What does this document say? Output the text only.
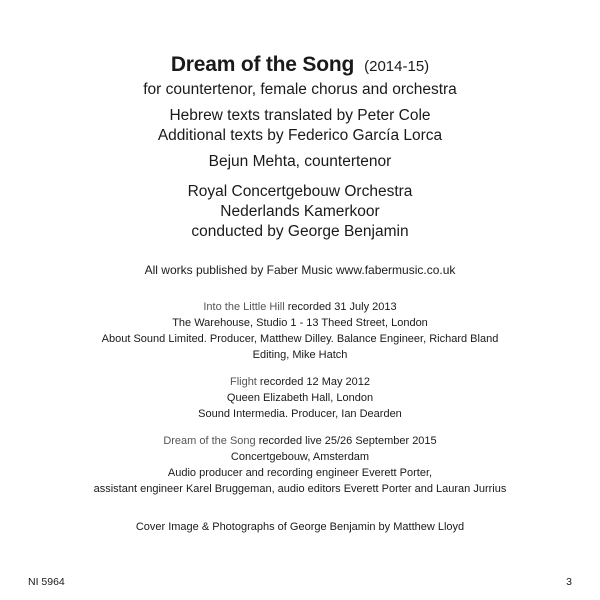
Dream of the Song (2014-15)
for countertenor, female chorus and orchestra
Hebrew texts translated by Peter Cole
Additional texts by Federico García Lorca
Bejun Mehta, countertenor
Royal Concertgebouw Orchestra
Nederlands Kamerkoor
conducted by George Benjamin
All works published by Faber Music www.fabermusic.co.uk
Into the Little Hill recorded 31 July 2013
The Warehouse, Studio 1 - 13 Theed Street, London
About Sound Limited. Producer, Matthew Dilley. Balance Engineer, Richard Bland
Editing, Mike Hatch
Flight recorded 12 May 2012
Queen Elizabeth Hall, London
Sound Intermedia. Producer, Ian Dearden
Dream of the Song recorded live 25/26 September 2015
Concertgebouw, Amsterdam
Audio producer and recording engineer Everett Porter,
assistant engineer Karel Bruggeman, audio editors Everett Porter and Lauran Jurrius
Cover Image & Photographs of George Benjamin by Matthew Lloyd
NI 5964	3
